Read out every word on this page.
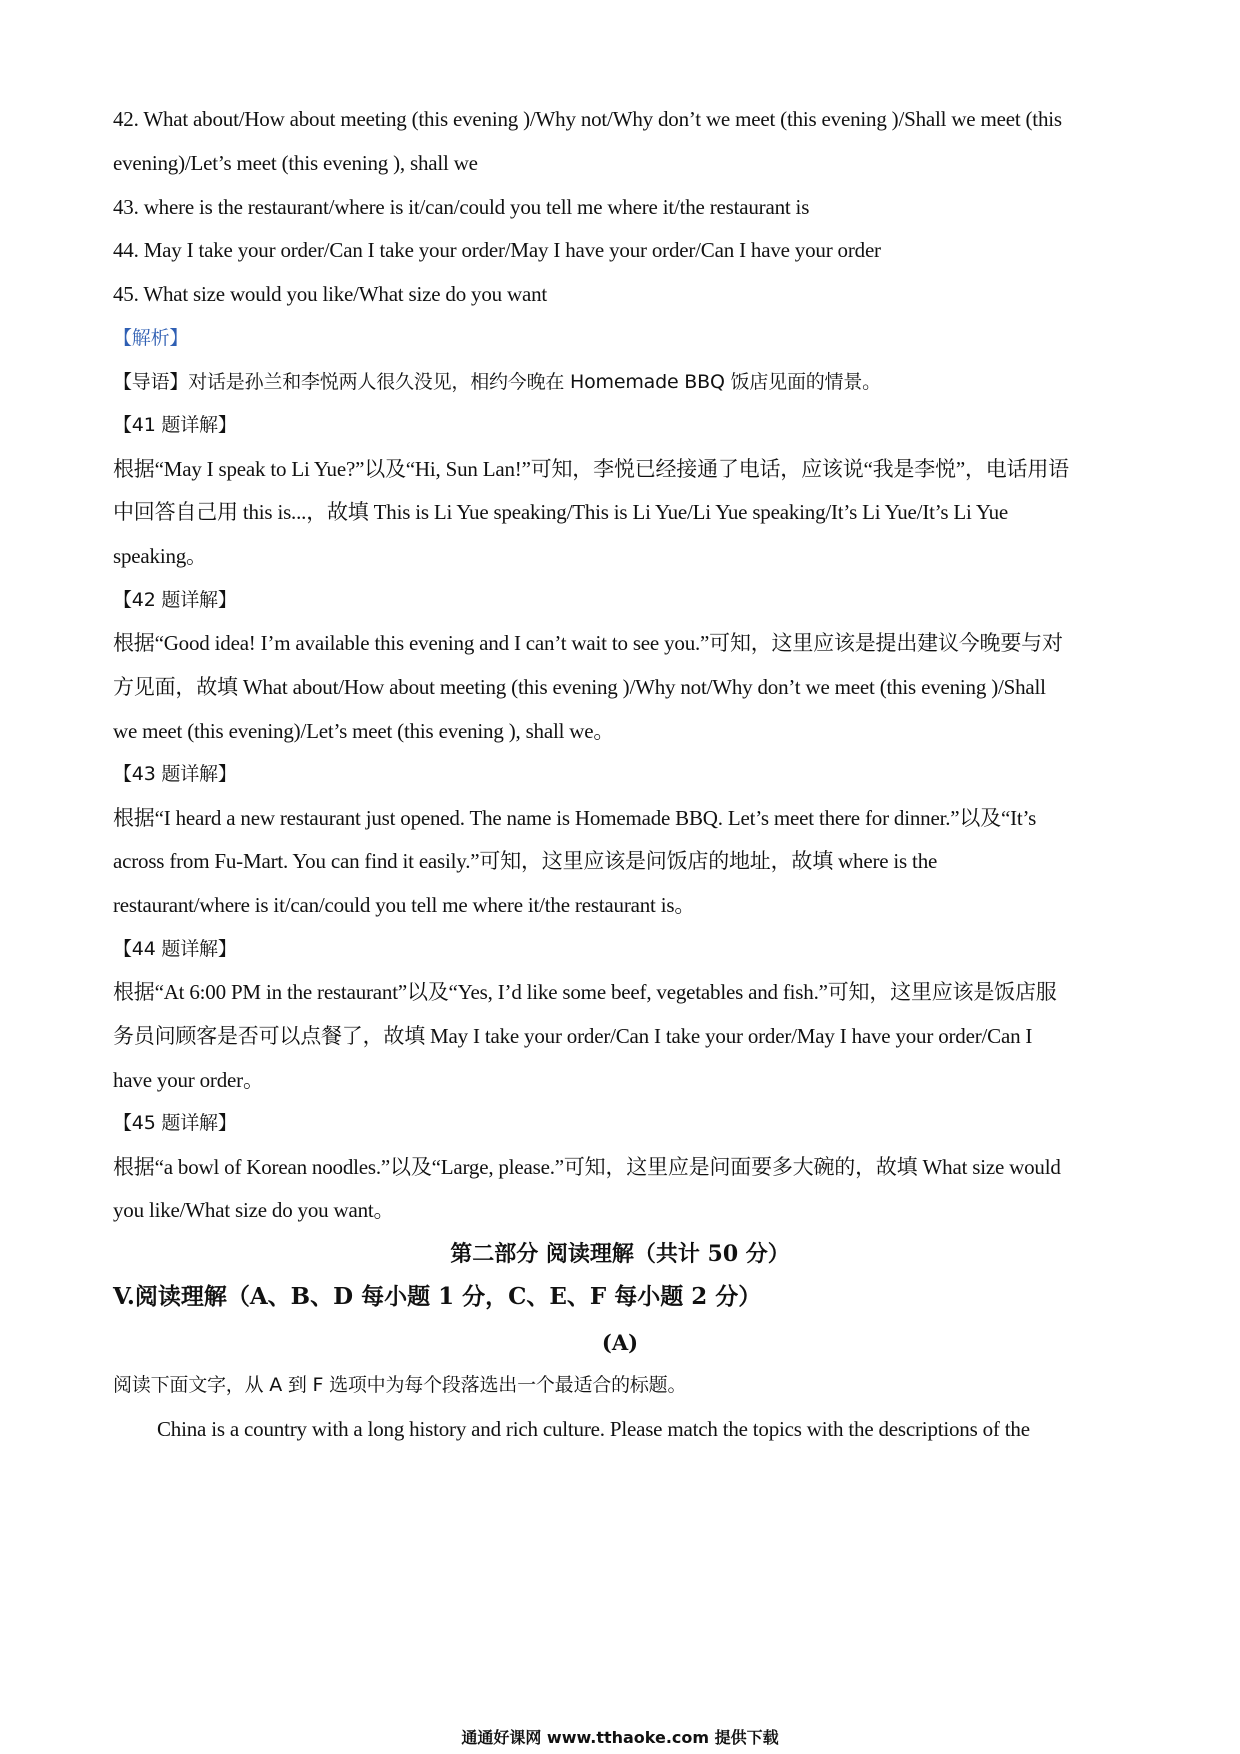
42. What about/How about meeting (this evening )/Why not/Why don’t we meet (this evening )/Shall we meet (this
evening)/Let’s meet (this evening ), shall we
43. where is the restaurant/where is it/can/could you tell me where it/the restaurant is
44. May I take your order/Can I take your order/May I have your order/Can I have your order
45. What size would you like/What size do you want
【解析】
【导语】对话是孙兰和李悦两人很久没见，相约今晚在 Homemade BBQ 饭店见面的情景。
【41 题详解】
根据“May I speak to Li Yue?”以及“Hi, Sun Lan!”可知，李悦已经接通了电话，应该说“我是李悦”，电话用语
中回答自己用 this is...，故填 This is Li Yue speaking/This is Li Yue/Li Yue speaking/It’s Li Yue/It’s Li Yue
speaking。
【42 题详解】
根据“Good idea! I’m available this evening and I can’t wait to see you.”可知，这里应该是提出建议今晚要与对
方见面，故填 What about/How about meeting (this evening )/Why not/Why don’t we meet (this evening )/Shall
we meet (this evening)/Let’s meet (this evening ), shall we。
【43 题详解】
根据“I heard a new restaurant just opened. The name is Homemade BBQ. Let’s meet there for dinner.”以及“It’s
across from Fu-Mart. You can find it easily.”可知，这里应该是问饭店的地址，故填 where is the
restaurant/where is it/can/could you tell me where it/the restaurant is。
【44 题详解】
根据“At 6:00 PM in the restaurant”以及“Yes, I’d like some beef, vegetables and fish.”可知，这里应该是饭店服
务员问顾客是否可以点餐了，故填 May I take your order/Can I take your order/May I have your order/Can I
have your order。
【45 题详解】
根据“a bowl of Korean noodles.”以及“Large, please.”可知，这里应是问面要多大碗的，故填 What size would
you like/What size do you want。
第二部分 阅读理解（共计 50 分）
V.阅读理解（A、B、D 每小题 1 分，C、E、F 每小题 2 分）
(A)
阅读下面文字，从 A 到 F 选项中为每个段落选出一个最适合的标题。
China is a country with a long history and rich culture. Please match the topics with the descriptions of the
通通好课网 www.tthaoke.com 提供下载
